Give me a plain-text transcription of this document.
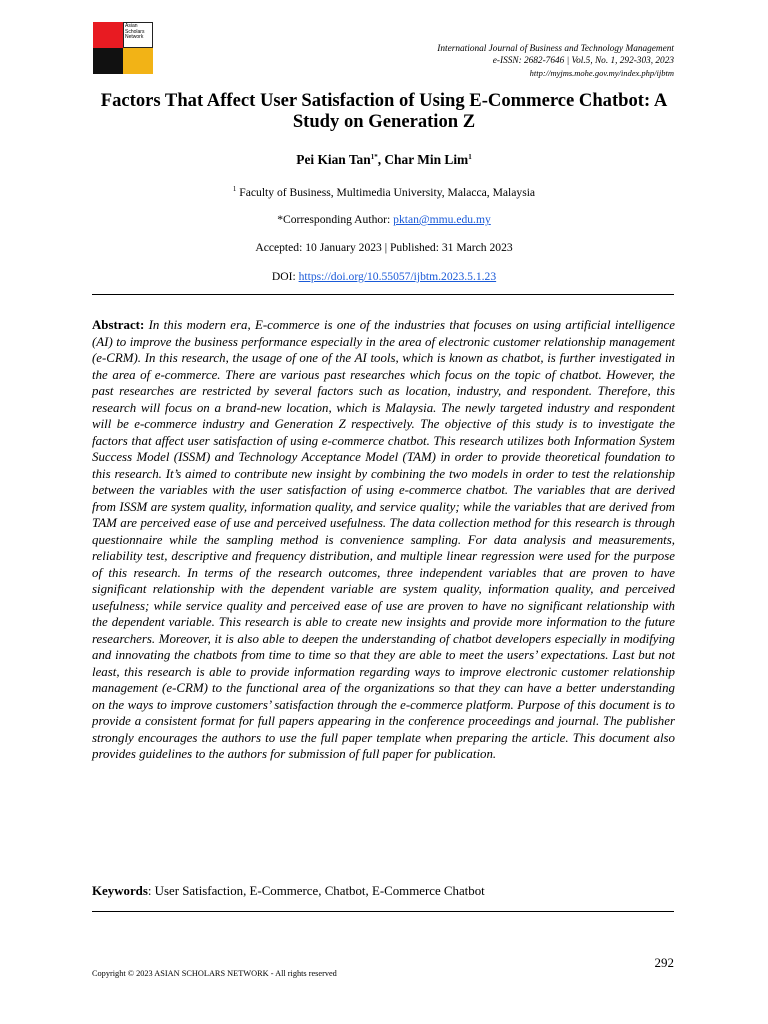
Asian Scholars Network
International Journal of Business and Technology Management
e-ISSN: 2682-7646 | Vol.5, No. 1, 292-303, 2023
http://myjms.mohe.gov.my/index.php/ijbtm
Factors That Affect User Satisfaction of Using E-Commerce Chatbot: A Study on Generation Z
Pei Kian Tan$^{1*}$, Char Min Lim$^1$
$^1$ Faculty of Business, Multimedia University, Malacca, Malaysia
*Corresponding Author: pktan@mmu.edu.my
Accepted: 10 January 2023 | Published: 31 March 2023
DOI: https://doi.org/10.55057/ijbtm.2023.5.1.23
Abstract: In this modern era, E-commerce is one of the industries that focuses on using artificial intelligence (AI) to improve the business performance especially in the area of electronic customer relationship management (e-CRM). In this research, the usage of one of the AI tools, which is known as chatbot, is further investigated in the area of e-commerce. There are various past researches which focus on the topic of chatbot. However, the past researches are restricted by several factors such as location, industry, and respondent. Therefore, this research will focus on a brand-new location, which is Malaysia. The newly targeted industry and respondent will be e-commerce industry and Generation Z respectively. The objective of this study is to investigate the factors that affect user satisfaction of using e-commerce chatbot. This research utilizes both Information System Success Model (ISSM) and Technology Acceptance Model (TAM) in order to provide theoretical foundation to this research. It’s aimed to contribute new insight by combining the two models in order to test the relationship between the variables with the user satisfaction of using e-commerce chatbot. The variables that are derived from ISSM are system quality, information quality, and service quality; while the variables that are derived from TAM are perceived ease of use and perceived usefulness. The data collection method for this research is through questionnaire while the sampling method is convenience sampling. For data analysis and measurements, reliability test, descriptive and frequency distribution, and multiple linear regression were used for the purpose of this research. In terms of the research outcomes, three independent variables that are proven to have significant relationship with the dependent variable are system quality, information quality, and perceived usefulness; while service quality and perceived ease of use are proven to have no significant relationship with the dependent variable. This research is able to create new insights and provide more information to the future researchers. Moreover, it is also able to deepen the understanding of chatbot developers especially in modifying and innovating the chatbots from time to time so that they are able to meet the users’ expectations. Last but not least, this research is able to provide information regarding ways to improve electronic customer relationship management (e-CRM) to the functional area of the organizations so that they can have a better understanding on the ways to improve customers’ satisfaction through the e-commerce platform. Purpose of this document is to provide a consistent format for full papers appearing in the conference proceedings and journal. The publisher strongly encourages the authors to use the full paper template when preparing the article. This document also provides guidelines to the authors for submission of full paper for publication.
Keywords: User Satisfaction, E-Commerce, Chatbot, E-Commerce Chatbot
292
Copyright © 2023 ASIAN SCHOLARS NETWORK - All rights reserved
